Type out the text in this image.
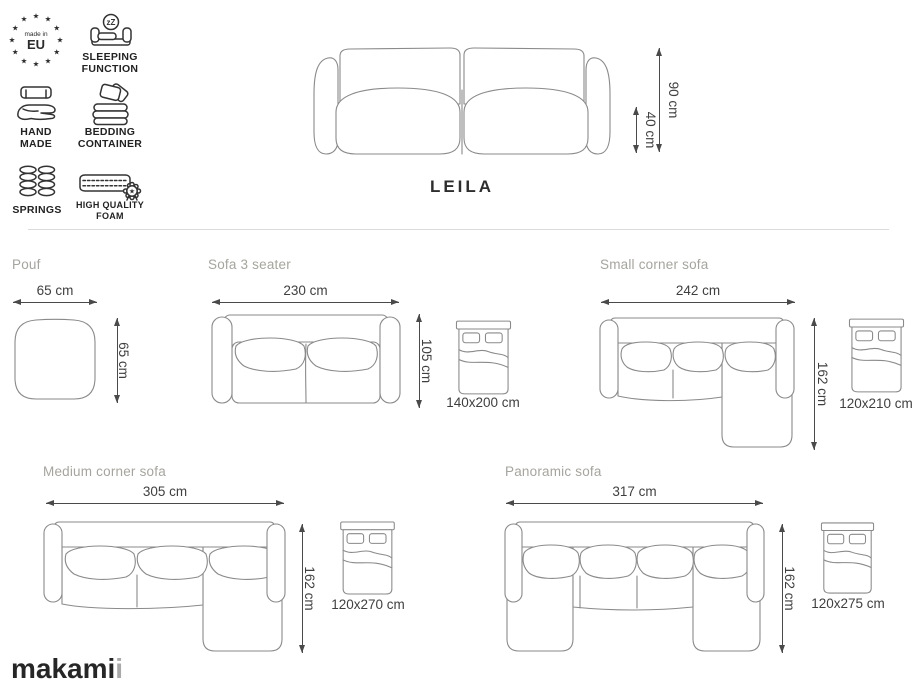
★ ★
★
★
★
★
★
★
★
★
★
★
made in
EU
zZ
SLEEPING FUNCTION
HAND MADE
BEDDING CONTAINER
SPRINGS
★
HIGH QUALITY FOAM
LEILA
90 cm
40 cm
Pouf
65 cm
65 cm
Sofa 3 seater
230 cm
105 cm
140x200 cm
Small corner sofa
242 cm
162 cm 120x210 cm
Medium corner sofa
305 cm
162 cm	120x270 cm
Panoramic sofa
317 cm
162 cm	120x275 cm
makamii
